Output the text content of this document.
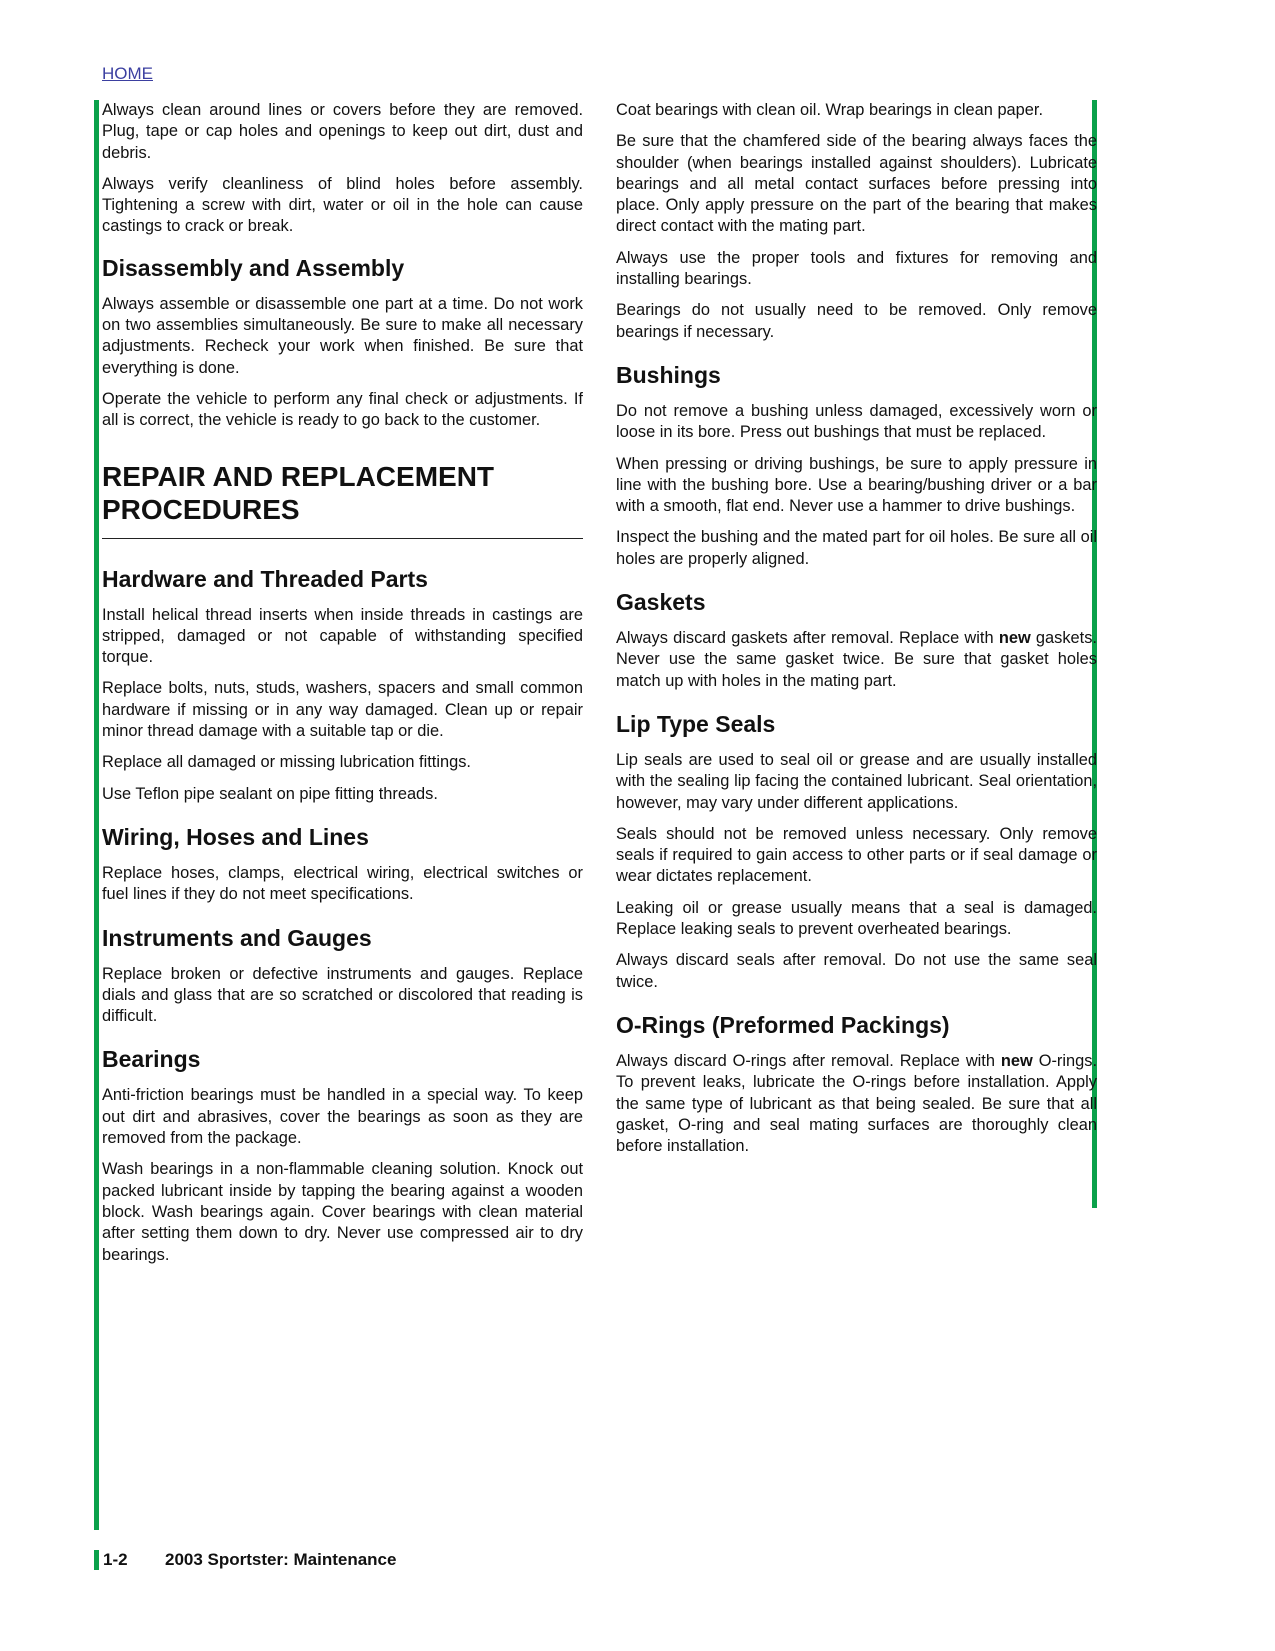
HOME

Always clean around lines or covers before they are removed. Plug, tape or cap holes and openings to keep out dirt, dust and debris.

Always verify cleanliness of blind holes before assembly. Tightening a screw with dirt, water or oil in the hole can cause castings to crack or break.

Disassembly and Assembly

Always assemble or disassemble one part at a time. Do not work on two assemblies simultaneously. Be sure to make all necessary adjustments. Recheck your work when finished. Be sure that everything is done.

Operate the vehicle to perform any final check or adjustments. If all is correct, the vehicle is ready to go back to the customer.

REPAIR AND REPLACEMENT
PROCEDURES
Hardware and Threaded Parts

Install helical thread inserts when inside threads in castings are stripped, damaged or not capable of withstanding specified torque.

Replace bolts, nuts, studs, washers, spacers and small common hardware if missing or in any way damaged. Clean up or repair minor thread damage with a suitable tap or die.

Replace all damaged or missing lubrication fittings.

Use Teflon pipe sealant on pipe fitting threads.

Wiring, Hoses and Lines

Replace hoses, clamps, electrical wiring, electrical switches or fuel lines if they do not meet specifications.

Instruments and Gauges

Replace broken or defective instruments and gauges. Replace dials and glass that are so scratched or discolored that reading is difficult.

Bearings

Anti-friction bearings must be handled in a special way. To keep out dirt and abrasives, cover the bearings as soon as they are removed from the package.

Wash bearings in a non-flammable cleaning solution. Knock out packed lubricant inside by tapping the bearing against a wooden block. Wash bearings again. Cover bearings with clean material after setting them down to dry. Never use compressed air to dry bearings.

Coat bearings with clean oil. Wrap bearings in clean paper.

Be sure that the chamfered side of the bearing always faces the shoulder (when bearings installed against shoulders). Lubricate bearings and all metal contact surfaces before pressing into place. Only apply pressure on the part of the bearing that makes direct contact with the mating part.

Always use the proper tools and fixtures for removing and installing bearings.

Bearings do not usually need to be removed. Only remove bearings if necessary.

Bushings

Do not remove a bushing unless damaged, excessively worn or loose in its bore. Press out bushings that must be replaced.

When pressing or driving bushings, be sure to apply pressure in line with the bushing bore. Use a bearing/bushing driver or a bar with a smooth, flat end. Never use a hammer to drive bushings.

Inspect the bushing and the mated part for oil holes. Be sure all oil holes are properly aligned.

Gaskets

Always discard gaskets after removal. Replace with new gaskets. Never use the same gasket twice. Be sure that gasket holes match up with holes in the mating part.

Lip Type Seals

Lip seals are used to seal oil or grease and are usually installed with the sealing lip facing the contained lubricant. Seal orientation, however, may vary under different applications.

Seals should not be removed unless necessary. Only remove seals if required to gain access to other parts or if seal damage or wear dictates replacement.

Leaking oil or grease usually means that a seal is damaged. Replace leaking seals to prevent overheated bearings.

Always discard seals after removal. Do not use the same seal twice.

O-Rings (Preformed Packings)

Always discard O-rings after removal. Replace with new O-rings. To prevent leaks, lubricate the O-rings before installation. Apply the same type of lubricant as that being sealed. Be sure that all gasket, O-ring and seal mating surfaces are thoroughly clean before installation.

1-2 2003 Sportster: Maintenance
